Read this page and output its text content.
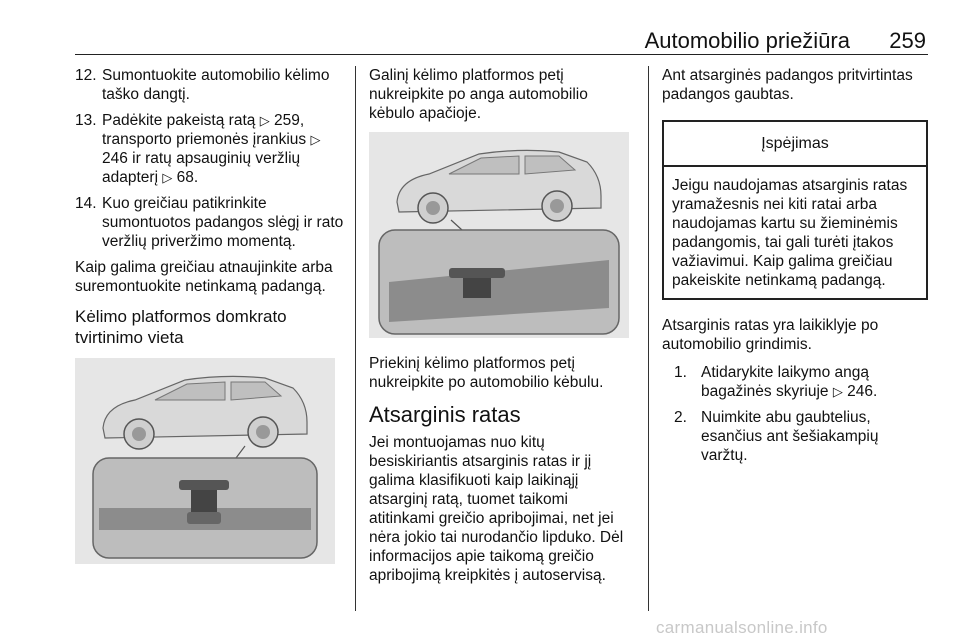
Automobilio priežiūra 259
12. Sumontuokite automobilio kėlimo taško dangtį.
13. Padėkite pakeistą ratą ▷ 259, transporto priemonės įrankius ▷ 246 ir ratų apsauginių veržlių adapterį ▷ 68.
14. Kuo greičiau patikrinkite sumontuotos padangos slėgį ir rato veržlių priveržimo momentą.

Kaip galima greičiau atnaujinkite arba suremontuokite netinkamą padangą.

Kėlimo platformos domkrato tvirtinimo vieta

Galinį kėlimo platformos petį nukreipkite po anga automobilio kėbulo apačioje.

Priekinį kėlimo platformos petį nukreipkite po automobilio kėbulu.

Atsarginis ratas

Jei montuojamas nuo kitų besiskiriantis atsarginis ratas ir jį galima klasifikuoti kaip laikinąjį atsarginį ratą, tuomet taikomi atitinkami greičio apribojimai, net jei nėra jokio tai nurodančio lipduko. Dėl informacijos apie taikomą greičio apribojimą kreipkitės į autoservisą.

Ant atsarginės padangos pritvirtintas padangos gaubtas.

Įspėjimas
Jeigu naudojamas atsarginis ratas yramažesnis nei kiti ratai arba naudojamas kartu su žieminėmis padangomis, tai gali turėti įtakos važiavimui. Kaip galima greičiau pakeiskite netinkamą padangą.

Atsarginis ratas yra laikiklyje po automobilio grindimis.

1. Atidarykite laikymo angą bagažinės skyriuje ▷ 246.
2. Nuimkite abu gaubtelius, esančius ant šešiakampių varžtų.
carmanualsonline.info
